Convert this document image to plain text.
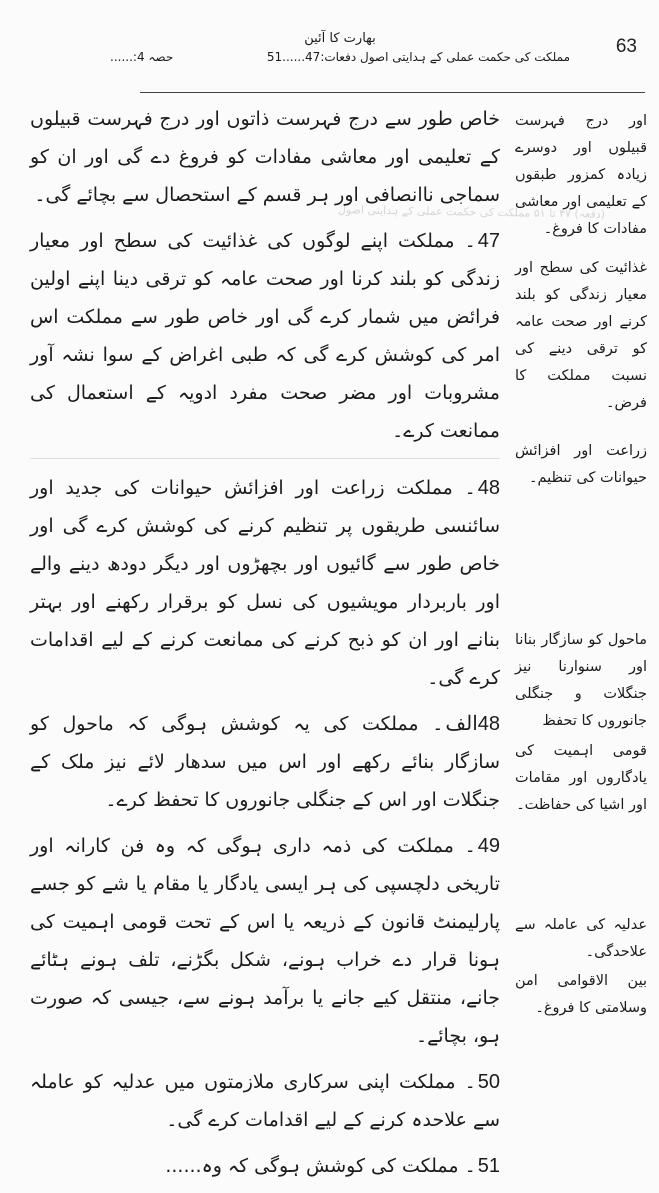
63
بھارت کا آئین
مملکت کی حکمت عملی کے ہدایتی اصول دفعات:47......51
حصہ 4:......
(دفعہ) ۴۷ تا ۵۱ مملکت کی حکمت عملی کے ہدایتی اصول

خاص طور سے درج فہرست ذاتوں اور درج فہرست قبیلوں کے تعلیمی اور معاشی مفادات کو فروغ دے گی اور ان کو سماجی ناانصافی اور ہر قسم کے استحصال سے بچائے گی۔

47۔ مملکت اپنے لوگوں کی غذائیت کی سطح اور معیار زندگی کو بلند کرنا اور صحت عامہ کو ترقی دینا اپنے اولین فرائض میں شمار کرے گی اور خاص طور سے مملکت اس امر کی کوشش کرے گی کہ طبی اغراض کے سوا نشہ آور مشروبات اور مضر صحت مفرد ادویہ کے استعمال کی ممانعت کرے۔

48۔ مملکت زراعت اور افزائش حیوانات کی جدید اور سائنسی طریقوں پر تنظیم کرنے کی کوشش کرے گی اور خاص طور سے گائیوں اور بچھڑوں اور دیگر دودھ دینے والے اور باربردار مویشیوں کی نسل کو برقرار رکھنے اور بہتر بنانے اور ان کو ذبح کرنے کی ممانعت کرنے کے لیے اقدامات کرے گی۔

48الف۔ مملکت کی یہ کوشش ہوگی کہ ماحول کو سازگار بنائے رکھے اور اس میں سدھار لائے نیز ملک کے جنگلات اور اس کے جنگلی جانوروں کا تحفظ کرے۔

49۔ مملکت کی ذمہ داری ہوگی کہ وہ فن کارانہ اور تاریخی دلچسپی کی ہر ایسی یادگار یا مقام یا شے کو جسے پارلیمنٹ قانون کے ذریعہ یا اس کے تحت قومی اہمیت کی ہونا قرار دے خراب ہونے، شکل بگڑنے، تلف ہونے ہٹائے جانے، منتقل کیے جانے یا برآمد ہونے سے، جیسی کہ صورت ہو، بچائے۔

50۔ مملکت اپنی سرکاری ملازمتوں میں عدلیہ کو عاملہ سے علاحدہ کرنے کے لیے اقدامات کرے گی۔

51۔ مملکت کی کوشش ہوگی کہ وہ......

اور درج فہرست قبیلوں اور دوسرے زیادہ کمزور طبقوں کے تعلیمی اور معاشی مفادات کا فروغ۔
غذائیت کی سطح اور معیار زندگی کو بلند کرنے اور صحت عامہ کو ترقی دینے کی نسبت مملکت کا فرض۔
زراعت اور افزائش حیوانات کی تنظیم۔
ماحول کو سازگار بنانا اور سنوارنا نیز جنگلات و جنگلی جانوروں کا تحفظ
قومی اہمیت کی یادگاروں اور مقامات اور اشیا کی حفاظت۔
عدلیہ کی عاملہ سے علاحدگی۔
بین الاقوامی امن وسلامتی کا فروغ۔
